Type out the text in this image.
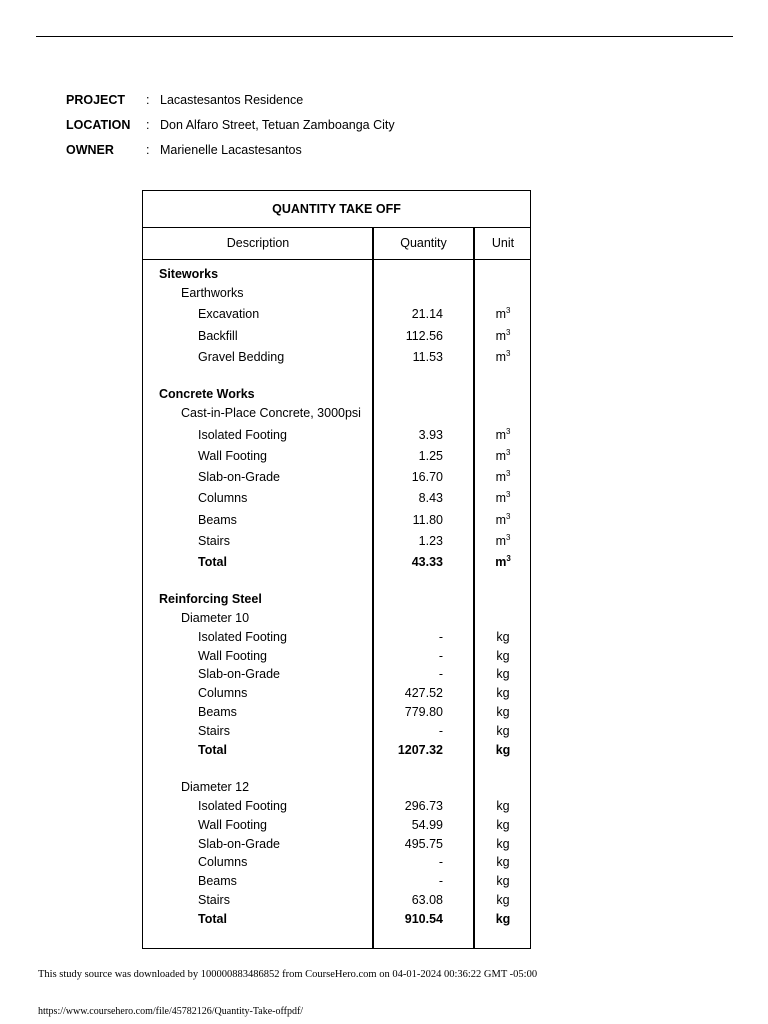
PROJECT	: Lacastesantos Residence
LOCATION	: Don Alfaro Street, Tetuan Zamboanga City
OWNER	: Marienelle Lacastesantos
QUANTITY TAKE OFF
Description	Quantity	Unit
Siteworks
Earthworks
Excavation	21.14	$m^3$
Backfill	112.56	$m^3$
Gravel Bedding	11.53	$m^3$
Concrete Works
Cast-in-Place Concrete, 3000psi
Isolated Footing	3.93	$m^3$
Wall Footing	1.25	$m^3$
Slab-on-Grade	16.70	$m^3$
Columns	8.43	$m^3$
Beams	11.80	$m^3$
Stairs	1.23	$m^3$
Total	43.33	$m^3$
Reinforcing Steel
Diameter 10
Isolated Footing	-	kg
Wall Footing	-	kg
Slab-on-Grade	-	kg
Columns	427.52	kg
Beams	779.80	kg
Stairs	-	kg
Total	1207.32	kg
Diameter 12
Isolated Footing	296.73	kg
Wall Footing	54.99	kg
Slab-on-Grade	495.75	kg
Columns	-	kg
Beams	-	kg
Stairs	63.08	kg
Total	910.54	kg
This study source was downloaded by 100000883486852 from CourseHero.com on 04-01-2024 00:36:22 GMT -05:00
https://www.coursehero.com/file/45782126/Quantity-Take-offpdf/
